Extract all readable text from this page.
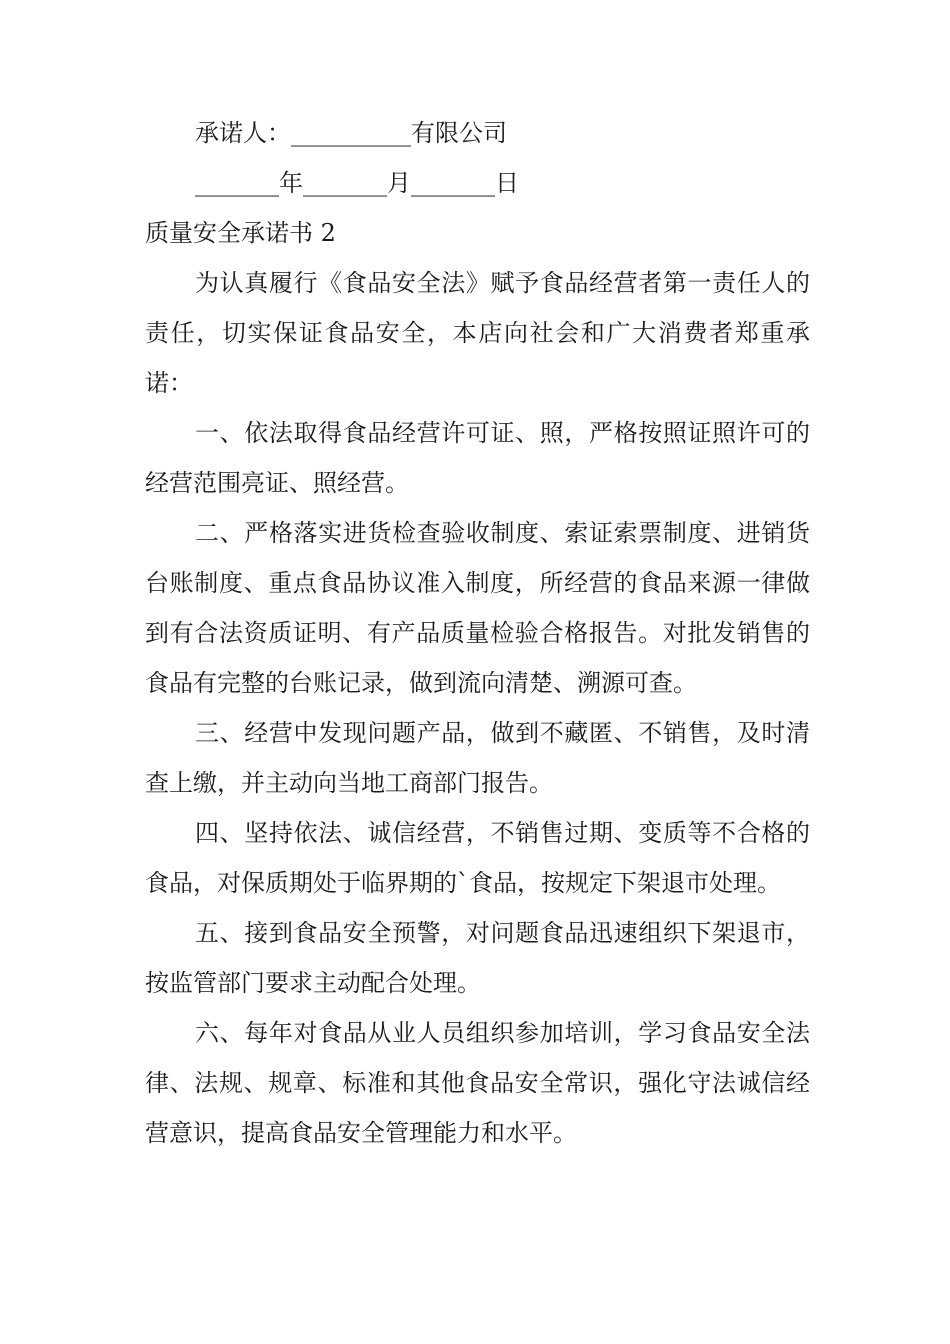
承诺人：__________有限公司

_______年_______月_______日

质量安全承诺书 2

为认真履行《食品安全法》赋予食品经营者第一责任人的责任，切实保证食品安全，本店向社会和广大消费者郑重承诺：

一、依法取得食品经营许可证、照，严格按照证照许可的经营范围亮证、照经营。

二、严格落实进货检查验收制度、索证索票制度、进销货台账制度、重点食品协议准入制度，所经营的食品来源一律做到有合法资质证明、有产品质量检验合格报告。对批发销售的食品有完整的台账记录，做到流向清楚、溯源可查。

三、经营中发现问题产品，做到不藏匿、不销售，及时清查上缴，并主动向当地工商部门报告。

四、坚持依法、诚信经营，不销售过期、变质等不合格的食品，对保质期处于临界期的`食品，按规定下架退市处理。

五、接到食品安全预警，对问题食品迅速组织下架退市，按监管部门要求主动配合处理。

六、每年对食品从业人员组织参加培训，学习食品安全法律、法规、规章、标准和其他食品安全常识，强化守法诚信经营意识，提高食品安全管理能力和水平。
